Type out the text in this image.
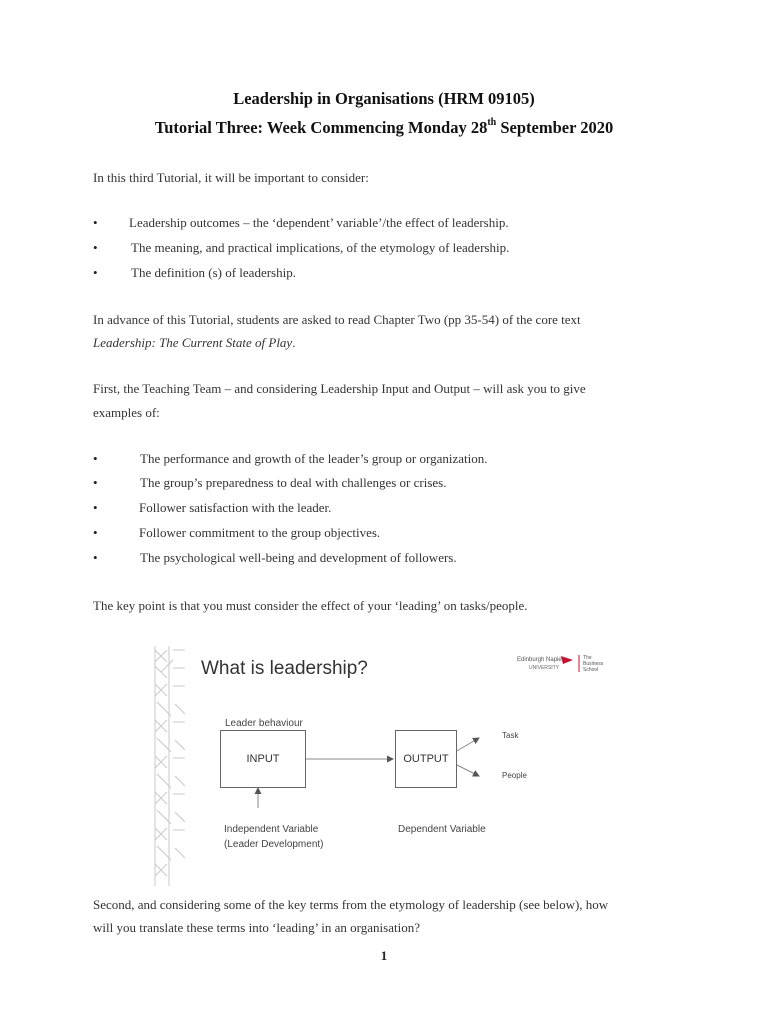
Leadership in Organisations (HRM 09105)
Tutorial Three: Week Commencing Monday 28th September 2020
In this third Tutorial, it will be important to consider:
• Leadership outcomes – the ‘dependent’ variable’/the effect of leadership.
•	The meaning, and practical implications, of the etymology of leadership.
•	The definition (s) of leadership.
In advance of this Tutorial, students are asked to read Chapter Two (pp 35-54) of the core text
Leadership: The Current State of Play.
First, the Teaching Team – and considering Leadership Input and Output – will ask you to give
examples of:
•	The performance and growth of the leader’s group or organization.
•	The group’s preparedness to deal with challenges or crises.
•	Follower satisfaction with the leader.
•	Follower commitment to the group objectives.
•	The psychological well-being and development of followers.
The key point is that you must consider the effect of your ‘leading’ on tasks/people.
What is leadership?	Edinburgh Napier
UNIVERSITY
The
Business
School
Leader behaviour
INPUT	OUTPUT
Task
People
Independent Variable
(Leader Development)
Dependent Variable
Second, and considering some of the key terms from the etymology of leadership (see below), how
will you translate these terms into ‘leading’ in an organisation?
1
